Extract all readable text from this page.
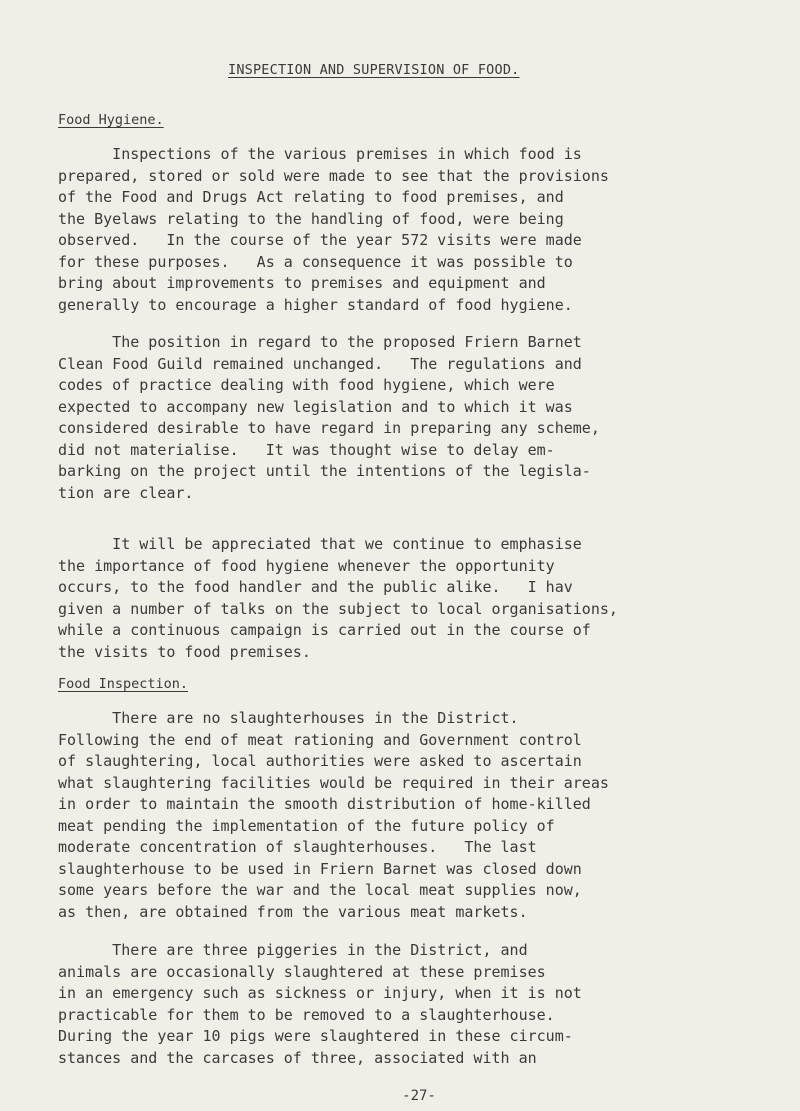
INSPECTION AND SUPERVISION OF FOOD.
Food Hygiene.
Inspections of the various premises in which food is
prepared, stored or sold were made to see that the provisions
of the Food and Drugs Act relating to food premises, and
the Byelaws relating to the handling of food, were being
observed.   In the course of the year 572 visits were made
for these purposes.   As a consequence it was possible to
bring about improvements to premises and equipment and
generally to encourage a higher standard of food hygiene.
The position in regard to the proposed Friern Barnet
Clean Food Guild remained unchanged.   The regulations and
codes of practice dealing with food hygiene, which were
expected to accompany new legislation and to which it was
considered desirable to have regard in preparing any scheme,
did not materialise.   It was thought wise to delay em-
barking on the project until the intentions of the legisla-
tion are clear.
It will be appreciated that we continue to emphasise
the importance of food hygiene whenever the opportunity
occurs, to the food handler and the public alike.   I hav
given a number of talks on the subject to local organisations,
while a continuous campaign is carried out in the course of
the visits to food premises.
Food Inspection.
There are no slaughterhouses in the District.
Following the end of meat rationing and Government control
of slaughtering, local authorities were asked to ascertain
what slaughtering facilities would be required in their areas
in order to maintain the smooth distribution of home-killed
meat pending the implementation of the future policy of
moderate concentration of slaughterhouses.   The last
slaughterhouse to be used in Friern Barnet was closed down
some years before the war and the local meat supplies now,
as then, are obtained from the various meat markets.
There are three piggeries in the District, and
animals are occasionally slaughtered at these premises
in an emergency such as sickness or injury, when it is not
practicable for them to be removed to a slaughterhouse.
During the year 10 pigs were slaughtered in these circum-
stances and the carcases of three, associated with an
-27-
